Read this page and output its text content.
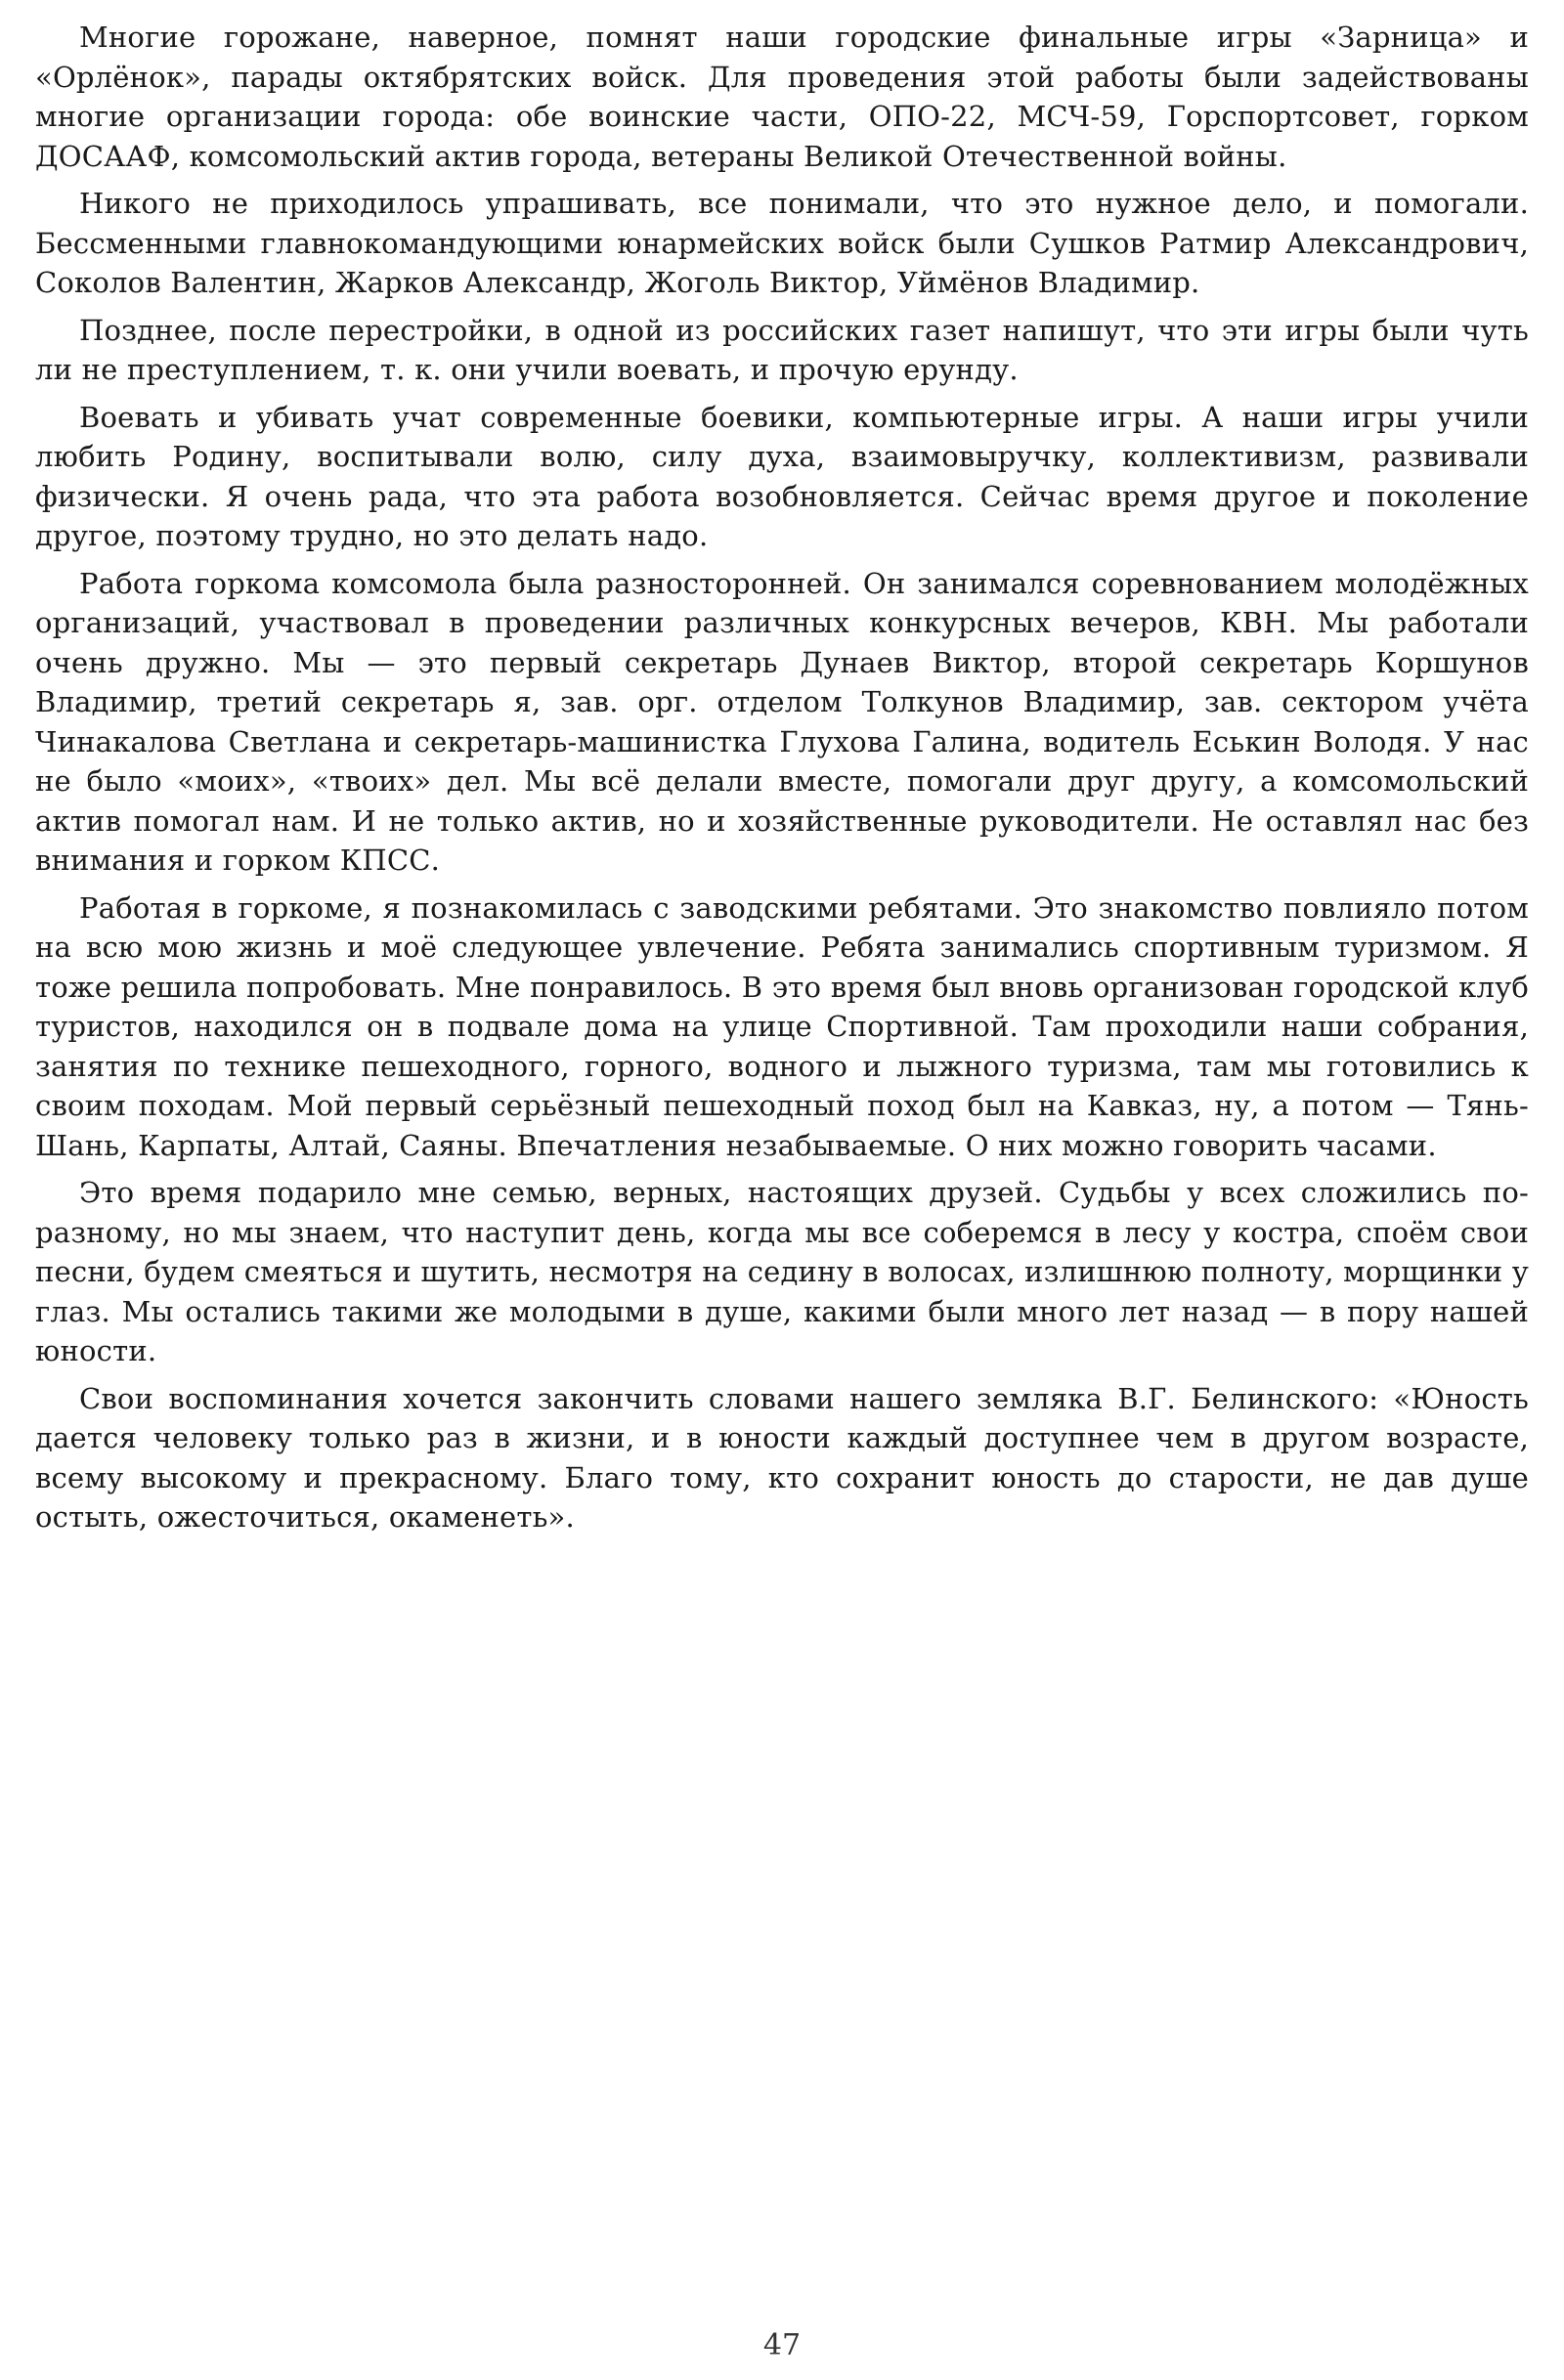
Многие горожане, наверное, помнят наши городские финальные игры «Зарница» и «Орлёнок», парады октябрятских войск. Для проведения этой работы были задействованы многие организации города: обе воинские части, ОПО-22, МСЧ-59, Горспортсовет, горком ДОСААФ, комсомольский актив города, ветераны Великой Отечественной войны.

Никого не приходилось упрашивать, все понимали, что это нужное дело, и помогали. Бессменными главнокомандующими юнармейских войск были Сушков Ратмир Александрович, Соколов Валентин, Жарков Александр, Жоголь Виктор, Уймёнов Владимир.

Позднее, после перестройки, в одной из российских газет напишут, что эти игры были чуть ли не преступлением, т. к. они учили воевать, и прочую ерунду.

Воевать и убивать учат современные боевики, компьютерные игры. А наши игры учили любить Родину, воспитывали волю, силу духа, взаимовыручку, коллективизм, развивали физически. Я очень рада, что эта работа возобновляется. Сейчас время другое и поколение другое, поэтому трудно, но это делать надо.

Работа горкома комсомола была разносторонней. Он занимался соревнованием молодёжных организаций, участвовал в проведении различных конкурсных вечеров, КВН. Мы работали очень дружно. Мы — это первый секретарь Дунаев Виктор, второй секретарь Коршунов Владимир, третий секретарь я, зав. орг. отделом Толкунов Владимир, зав. сектором учёта Чинакалова Светлана и секретарь-машинистка Глухова Галина, водитель Еськин Володя. У нас не было «моих», «твоих» дел. Мы всё делали вместе, помогали друг другу, а комсомольский актив помогал нам. И не только актив, но и хозяйственные руководители. Не оставлял нас без внимания и горком КПСС.

Работая в горкоме, я познакомилась с заводскими ребятами. Это знакомство повлияло потом на всю мою жизнь и моё следующее увлечение. Ребята занимались спортивным туризмом. Я тоже решила попробовать. Мне понравилось. В это время был вновь организован городской клуб туристов, находился он в подвале дома на улице Спортивной. Там проходили наши собрания, занятия по технике пешеходного, горного, водного и лыжного туризма, там мы готовились к своим походам. Мой первый серьёзный пешеходный поход был на Кавказ, ну, а потом — Тянь-Шань, Карпаты, Алтай, Саяны. Впечатления незабываемые. О них можно говорить часами.

Это время подарило мне семью, верных, настоящих друзей. Судьбы у всех сложились по-разному, но мы знаем, что наступит день, когда мы все соберемся в лесу у костра, споём свои песни, будем смеяться и шутить, несмотря на седину в волосах, излишнюю полноту, морщинки у глаз. Мы остались такими же молодыми в душе, какими были много лет назад — в пору нашей юности.

Свои воспоминания хочется закончить словами нашего земляка В.Г. Белинского: «Юность дается человеку только раз в жизни, и в юности каждый доступнее чем в другом возрасте, всему высокому и прекрасному. Благо тому, кто сохранит юность до старости, не дав душе остыть, ожесточиться, окаменеть».

47
